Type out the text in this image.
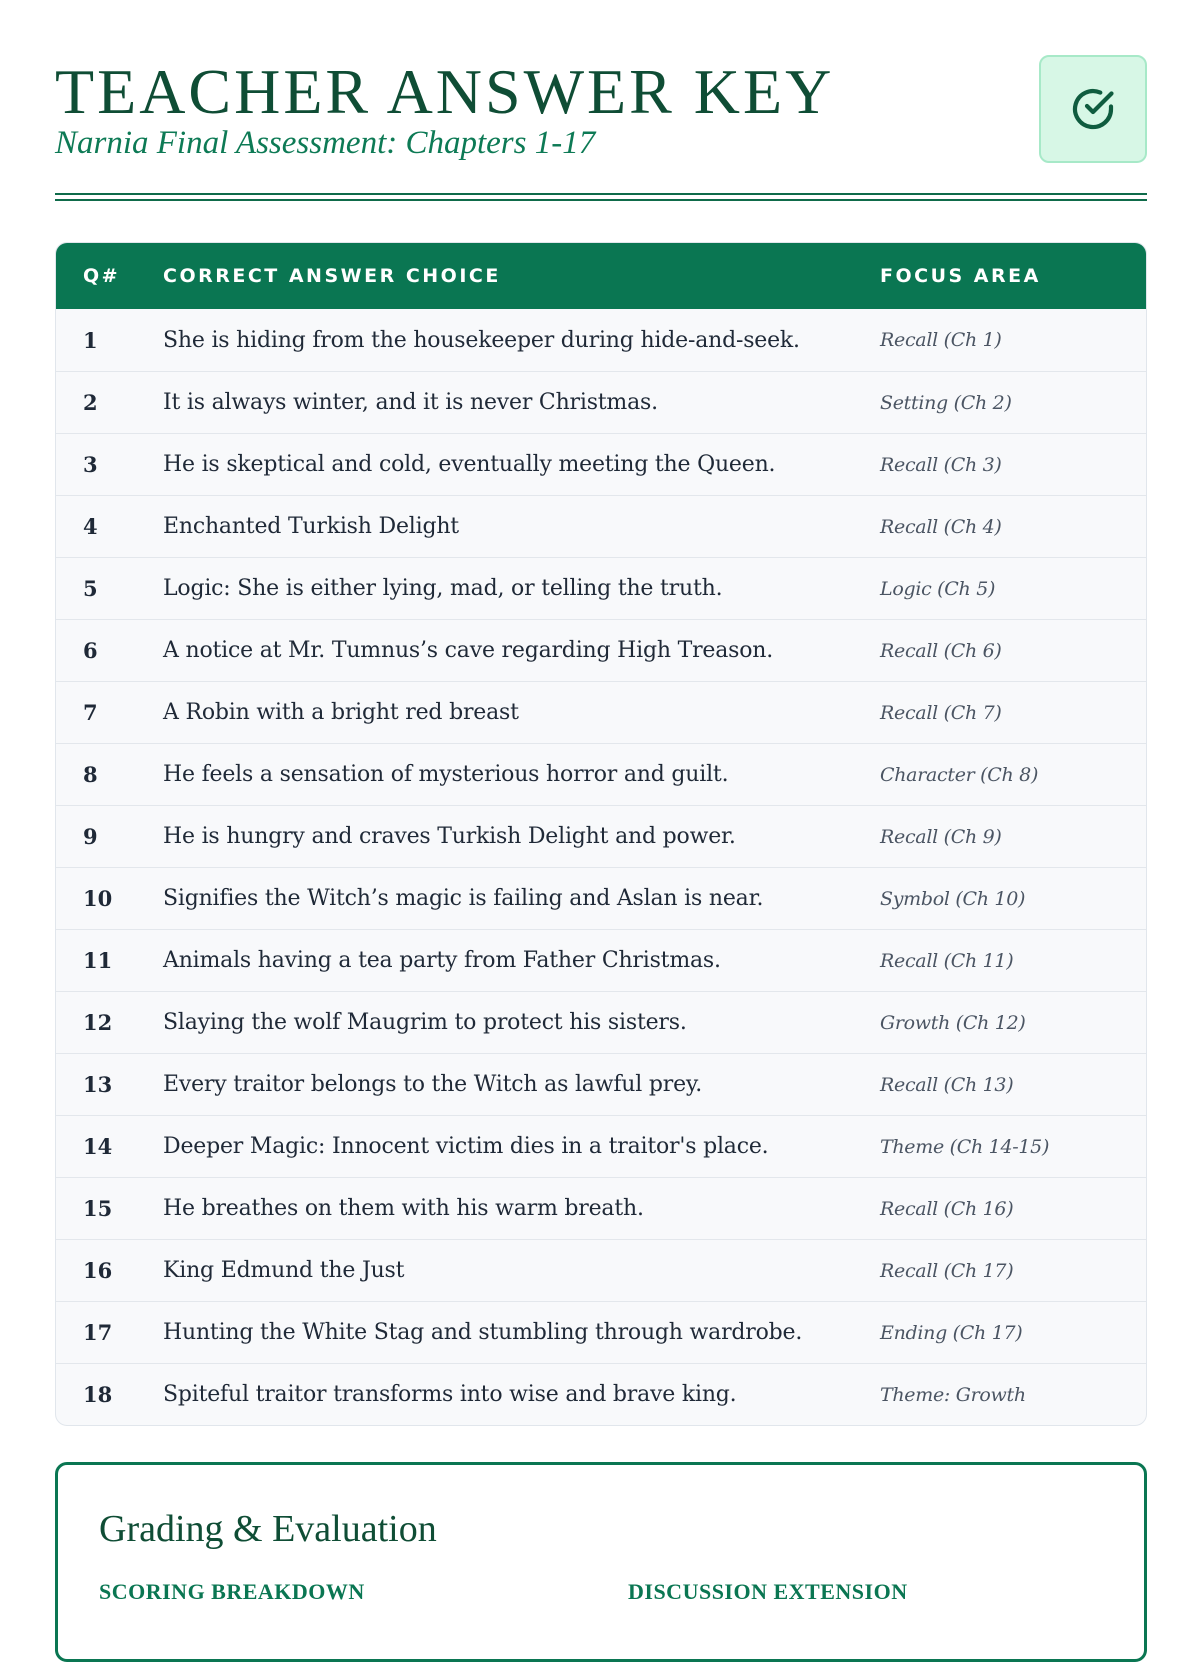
TEACHER ANSWER KEY
Narnia Final Assessment: Chapters 1-17
Q#	CORRECT ANSWER CHOICE	FOCUS AREA
1	She is hiding from the housekeeper during hide-and-seek.	Recall (Ch 1)
2	It is always winter, and it is never Christmas.	Setting (Ch 2)
3	He is skeptical and cold, eventually meeting the Queen.	Recall (Ch 3)
4	Enchanted Turkish Delight	Recall (Ch 4)
5	Logic: She is either lying, mad, or telling the truth.	Logic (Ch 5)
6	A notice at Mr. Tumnus’s cave regarding High Treason.	Recall (Ch 6)
7	A Robin with a bright red breast	Recall (Ch 7)
8	He feels a sensation of mysterious horror and guilt.	Character (Ch 8)
9	He is hungry and craves Turkish Delight and power.	Recall (Ch 9)
10	Signifies the Witch’s magic is failing and Aslan is near.	Symbol (Ch 10)
11	Animals having a tea party from Father Christmas.	Recall (Ch 11)
12	Slaying the wolf Maugrim to protect his sisters.	Growth (Ch 12)
13	Every traitor belongs to the Witch as lawful prey.	Recall (Ch 13)
14	Deeper Magic: Innocent victim dies in a traitor's place.	Theme (Ch 14-15)
15	He breathes on them with his warm breath.	Recall (Ch 16)
16	King Edmund the Just	Recall (Ch 17)
17	Hunting the White Stag and stumbling through wardrobe.	Ending (Ch 17)
18	Spiteful traitor transforms into wise and brave king.	Theme: Growth
Grading & Evaluation
SCORING BREAKDOWN	DISCUSSION EXTENSION
